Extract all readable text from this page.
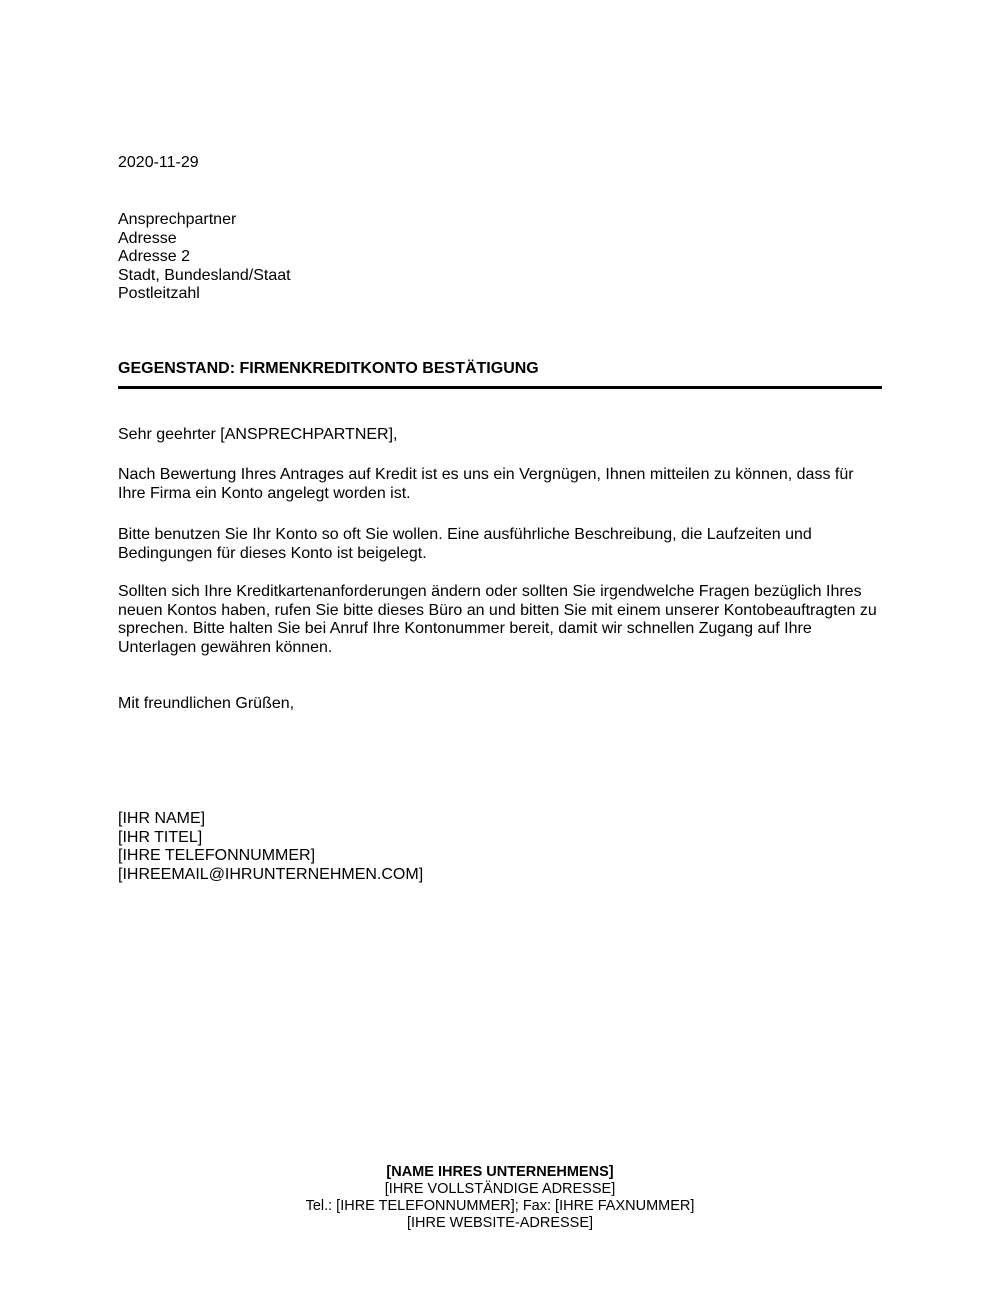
2020-11-29
Ansprechpartner
Adresse
Adresse 2
Stadt, Bundesland/Staat
Postleitzahl
GEGENSTAND: FIRMENKREDITKONTO BESTÄTIGUNG
Sehr geehrter [ANSPRECHPARTNER],
Nach Bewertung Ihres Antrages auf Kredit ist es uns ein Vergnügen, Ihnen mitteilen zu können, dass für Ihre Firma ein Konto angelegt worden ist.
Bitte benutzen Sie Ihr Konto so oft Sie wollen. Eine ausführliche Beschreibung, die Laufzeiten und Bedingungen für dieses Konto ist beigelegt.
Sollten sich Ihre Kreditkartenanforderungen ändern oder sollten Sie irgendwelche Fragen bezüglich Ihres neuen Kontos haben, rufen Sie bitte dieses Büro an und bitten Sie mit einem unserer Kontobeauftragten zu sprechen. Bitte halten Sie bei Anruf Ihre Kontonummer bereit, damit wir schnellen Zugang auf Ihre Unterlagen gewähren können.
Mit freundlichen Grüßen,
[IHR NAME]
[IHR TITEL]
[IHRE TELEFONNUMMER]
[IHREEMAIL@IHRUNTERNEHMEN.COM]
[NAME IHRES UNTERNEHMENS]
[IHRE VOLLSTÄNDIGE ADRESSE]
Tel.: [IHRE TELEFONNUMMER]; Fax: [IHRE FAXNUMMER]
[IHRE WEBSITE-ADRESSE]
